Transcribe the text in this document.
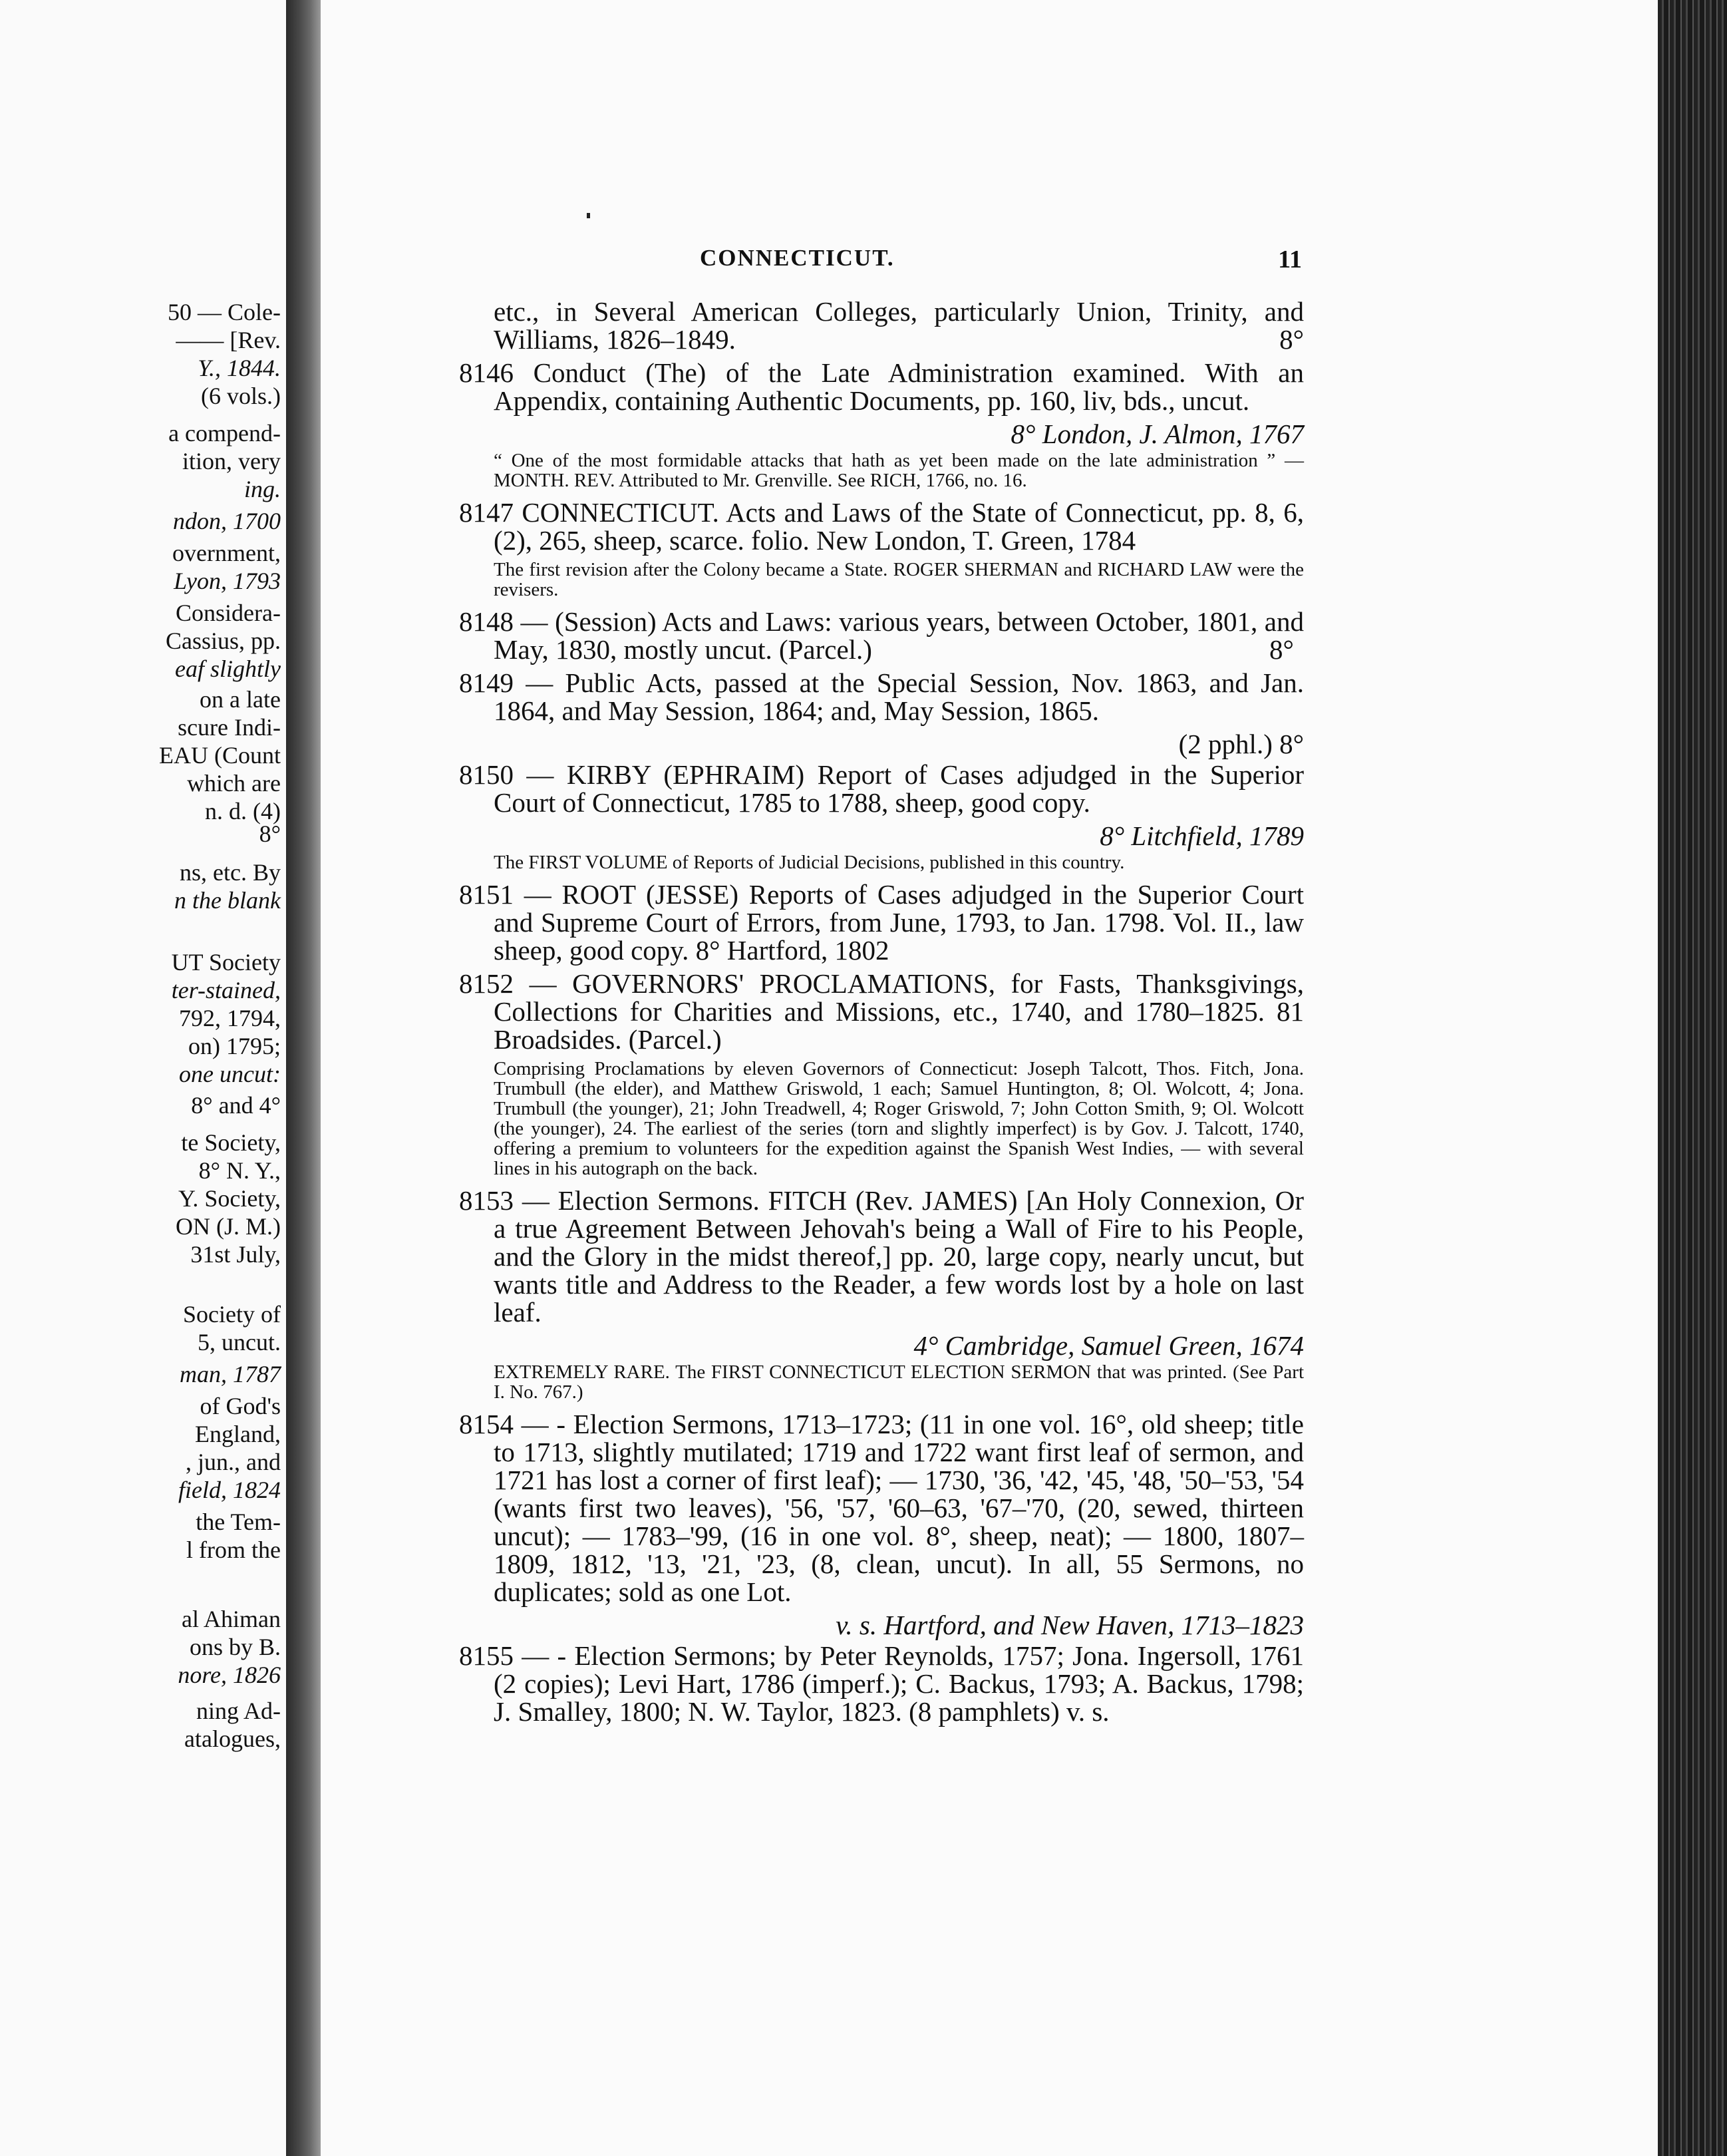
50 — Cole-
—— [Rev.
Y., 1844.
(6 vols.)
a compend-
ition, very
ing.
ndon, 1700
overnment,
Lyon, 1793
Considera-
Cassius, pp.
eaf slightly
on a late
scure Indi-
EAU (Count
which are
n. d. (4)
8°
ns, etc. By
n the blank
UT Society
ter-stained,
792, 1794,
on) 1795;
one uncut:
8° and 4°
te Society,
8° N. Y.,
Y. Society,
ON (J. M.)
31st July,
Society of
5, uncut.
man, 1787
of God's
England,
, jun., and
field, 1824
the Tem-
l from the
al Ahiman
ons by B.
nore, 1826
ning Ad-
atalogues,
CONNECTICUT.	11
etc., in Several American Colleges, particularly Union, Trinity, and Williams, 1826–1849.	8°
8146 Conduct (The) of the Late Administration examined. With an Appendix, containing Authentic Documents, pp. 160, liv, bds., uncut.
8° London, J. Almon, 1767
“ One of the most formidable attacks that hath as yet been made on the late administration ” — MONTH. REV. Attributed to Mr. Grenville. See RICH, 1766, no. 16.
8147 CONNECTICUT. Acts and Laws of the State of Connecticut, pp. 8, 6, (2), 265, sheep, scarce. folio. New London, T. Green, 1784
The first revision after the Colony became a State. ROGER SHERMAN and RICHARD LAW were the revisers.
8148 — (Session) Acts and Laws: various years, between October, 1801, and May, 1830, mostly uncut. (Parcel.)	8°
8149 — Public Acts, passed at the Special Session, Nov. 1863, and Jan. 1864, and May Session, 1864; and, May Session, 1865.
(2 pphl.) 8°
8150 — KIRBY (EPHRAIM) Report of Cases adjudged in the Superior Court of Connecticut, 1785 to 1788, sheep, good copy.
8° Litchfield, 1789
The FIRST VOLUME of Reports of Judicial Decisions, published in this country.
8151 — ROOT (JESSE) Reports of Cases adjudged in the Superior Court and Supreme Court of Errors, from June, 1793, to Jan. 1798. Vol. II., law sheep, good copy. 8° Hartford, 1802
8152 — GOVERNORS' PROCLAMATIONS, for Fasts, Thanksgivings, Collections for Charities and Missions, etc., 1740, and 1780–1825. 81 Broadsides. (Parcel.)
Comprising Proclamations by eleven Governors of Connecticut: Joseph Talcott, Thos. Fitch, Jona. Trumbull (the elder), and Matthew Griswold, 1 each; Samuel Huntington, 8; Ol. Wolcott, 4; Jona. Trumbull (the younger), 21; John Treadwell, 4; Roger Griswold, 7; John Cotton Smith, 9; Ol. Wolcott (the younger), 24. The earliest of the series (torn and slightly imperfect) is by Gov. J. Talcott, 1740, offering a premium to volunteers for the expedition against the Spanish West Indies, — with several lines in his autograph on the back.
8153 — Election Sermons. FITCH (Rev. JAMES) [An Holy Connexion, Or a true Agreement Between Jehovah's being a Wall of Fire to his People, and the Glory in the midst thereof,] pp. 20, large copy, nearly uncut, but wants title and Address to the Reader, a few words lost by a hole on last leaf.
4° Cambridge, Samuel Green, 1674
EXTREMELY RARE. The FIRST CONNECTICUT ELECTION SERMON that was printed. (See Part I. No. 767.)
8154 — - Election Sermons, 1713–1723; (11 in one vol. 16°, old sheep; title to 1713, slightly mutilated; 1719 and 1722 want first leaf of sermon, and 1721 has lost a corner of first leaf); — 1730, '36, '42, '45, '48, '50–'53, '54 (wants first two leaves), '56, '57, '60–63, '67–'70, (20, sewed, thirteen uncut); — 1783–'99, (16 in one vol. 8°, sheep, neat); — 1800, 1807–1809, 1812, '13, '21, '23, (8, clean, uncut). In all, 55 Sermons, no duplicates; sold as one Lot.
v. s. Hartford, and New Haven, 1713–1823
8155 — - Election Sermons; by Peter Reynolds, 1757; Jona. Ingersoll, 1761 (2 copies); Levi Hart, 1786 (imperf.); C. Backus, 1793; A. Backus, 1798; J. Smalley, 1800; N. W. Taylor, 1823. (8 pamphlets) v. s.
